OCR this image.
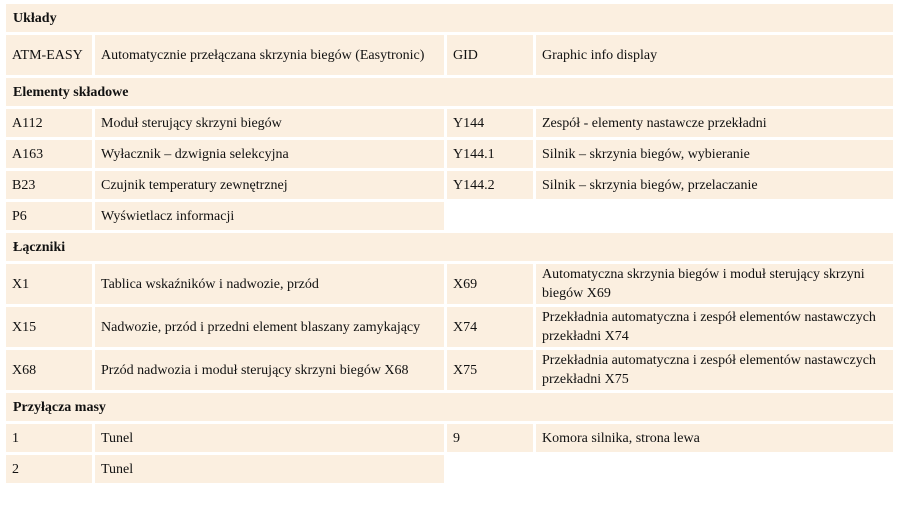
Układy			
ATM-EASY	Automatycznie przełączana skrzynia biegów (Easytronic)	GID	Graphic info display
Elementy składowe			
A112	Moduł sterujący skrzyni biegów	Y144	Zespół - elementy nastawcze przekładni
A163	Wyłacznik – dzwignia selekcyjna	Y144.1	Silnik – skrzynia biegów, wybieranie
B23	Czujnik temperatury zewnętrznej	Y144.2	Silnik – skrzynia biegów, przelaczanie
P6	Wyświetlacz informacji		
Łączniki			
X1	Tablica wskaźników i nadwozie, przód	X69	Automatyczna skrzynia biegów i moduł sterujący skrzyni biegów X69
X15	Nadwozie, przód i przedni element blaszany zamykający	X74	Przekładnia automatyczna i zespół elementów nastawczych przekładni X74
X68	Przód nadwozia i moduł sterujący skrzyni biegów X68	X75	Przekładnia automatyczna i zespół elementów nastawczych przekładni X75
Przyłącza masy			
1	Tunel	9	Komora silnika, strona lewa
2	Tunel		
